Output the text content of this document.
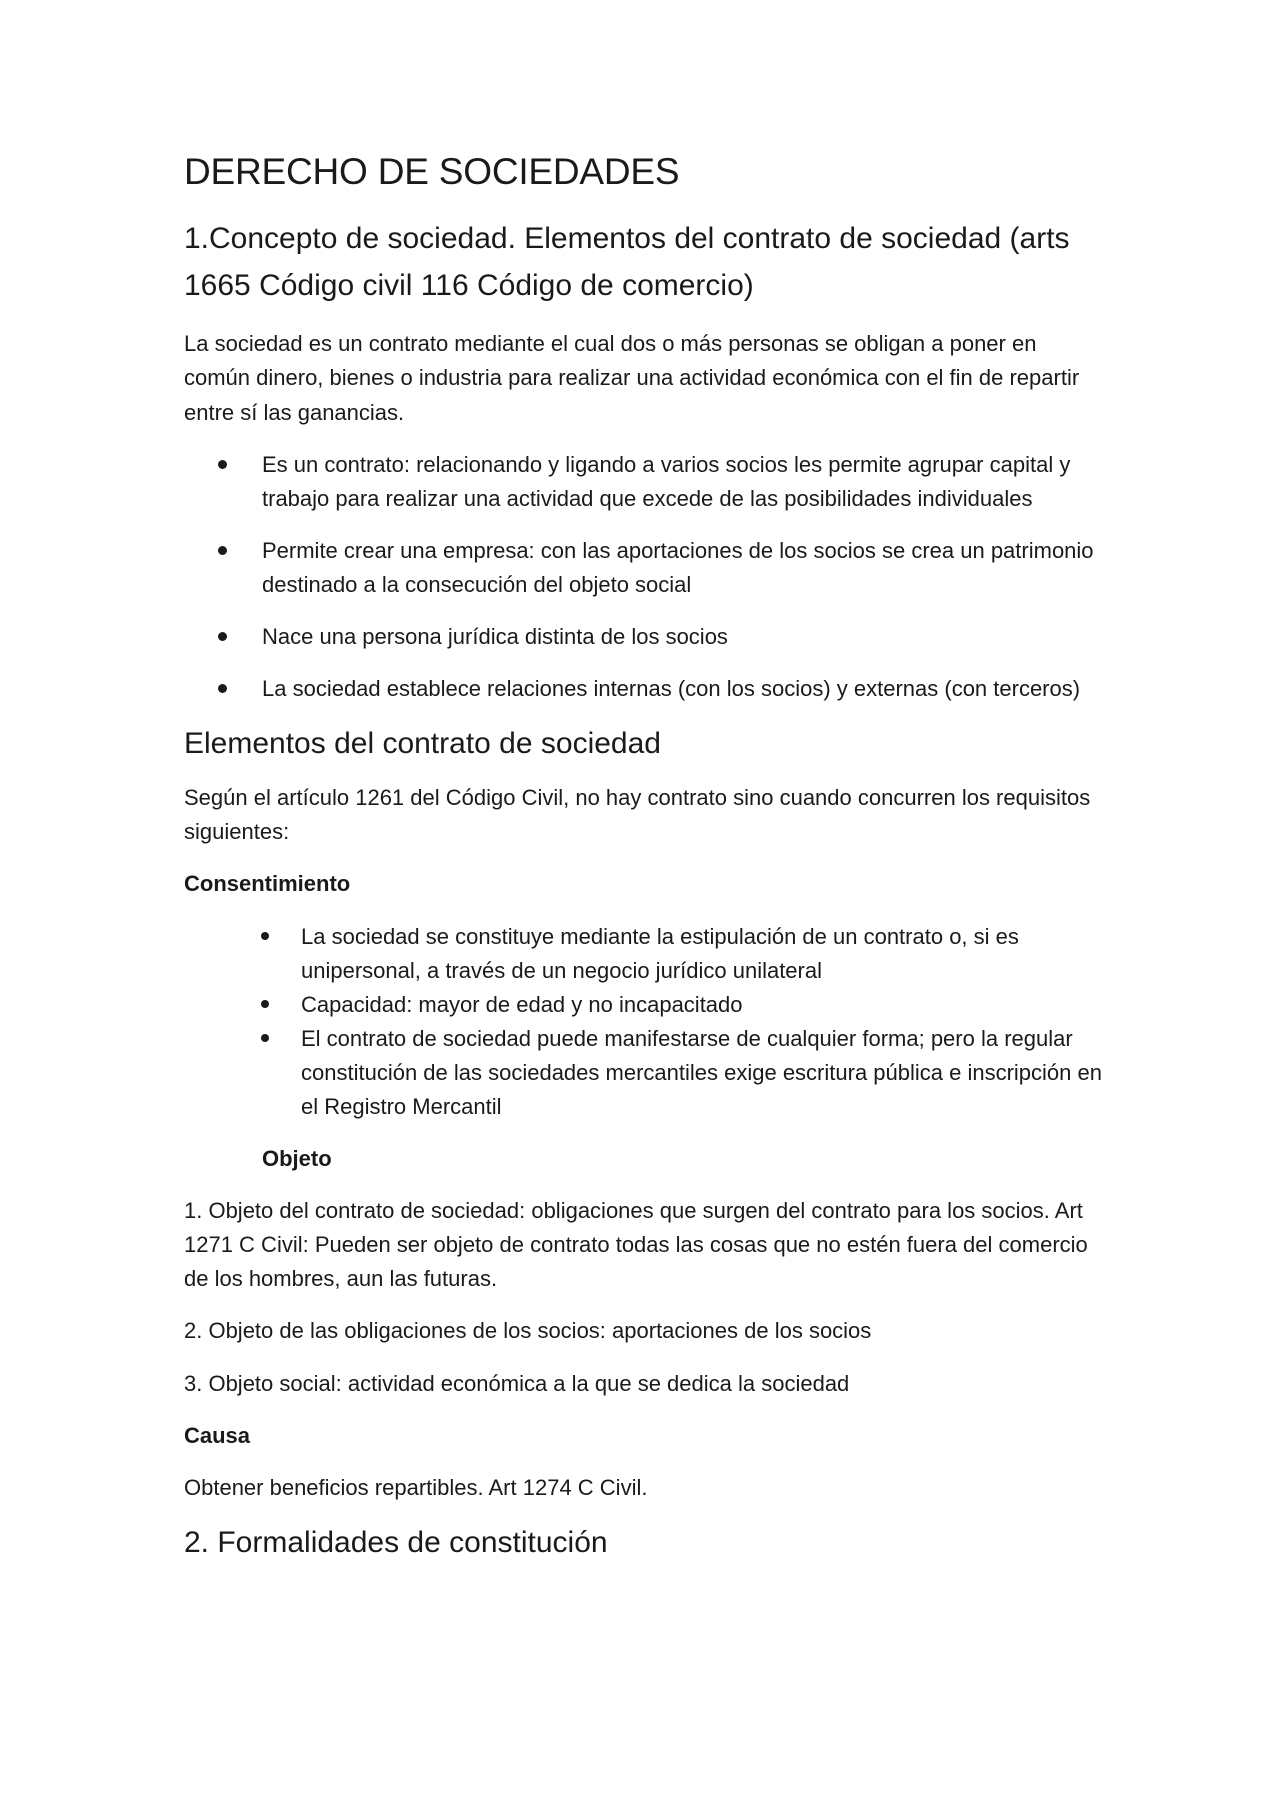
DERECHO DE SOCIEDADES
1.Concepto de sociedad. Elementos del contrato de sociedad (arts 1665 Código civil 116 Código de comercio)

La sociedad es un contrato mediante el cual dos o más personas se obligan a poner en común dinero, bienes o industria para realizar una actividad económica con el fin de repartir entre sí las ganancias.

Es un contrato: relacionando y ligando a varios socios les permite agrupar capital y trabajo para realizar una actividad que excede de las posibilidades individuales
Permite crear una empresa: con las aportaciones de los socios se crea un patrimonio destinado a la consecución del objeto social
Nace una persona jurídica distinta de los socios
La sociedad establece relaciones internas (con los socios) y externas (con terceros)
Elementos del contrato de sociedad

Según el artículo 1261 del Código Civil, no hay contrato sino cuando concurren los requisitos siguientes:

Consentimiento
La sociedad se constituye mediante la estipulación de un contrato o, si es unipersonal, a través de un negocio jurídico unilateral
Capacidad: mayor de edad y no incapacitado
El contrato de sociedad puede manifestarse de cualquier forma; pero la regular constitución de las sociedades mercantiles exige escritura pública e inscripción en el Registro Mercantil
Objeto

1. Objeto del contrato de sociedad: obligaciones que surgen del contrato para los socios. Art 1271 C Civil: Pueden ser objeto de contrato todas las cosas que no estén fuera del comercio de los hombres, aun las futuras.

2. Objeto de las obligaciones de los socios: aportaciones de los socios

3. Objeto social: actividad económica a la que se dedica la sociedad

Causa

Obtener beneficios repartibles. Art 1274 C Civil.

2. Formalidades de constitución
